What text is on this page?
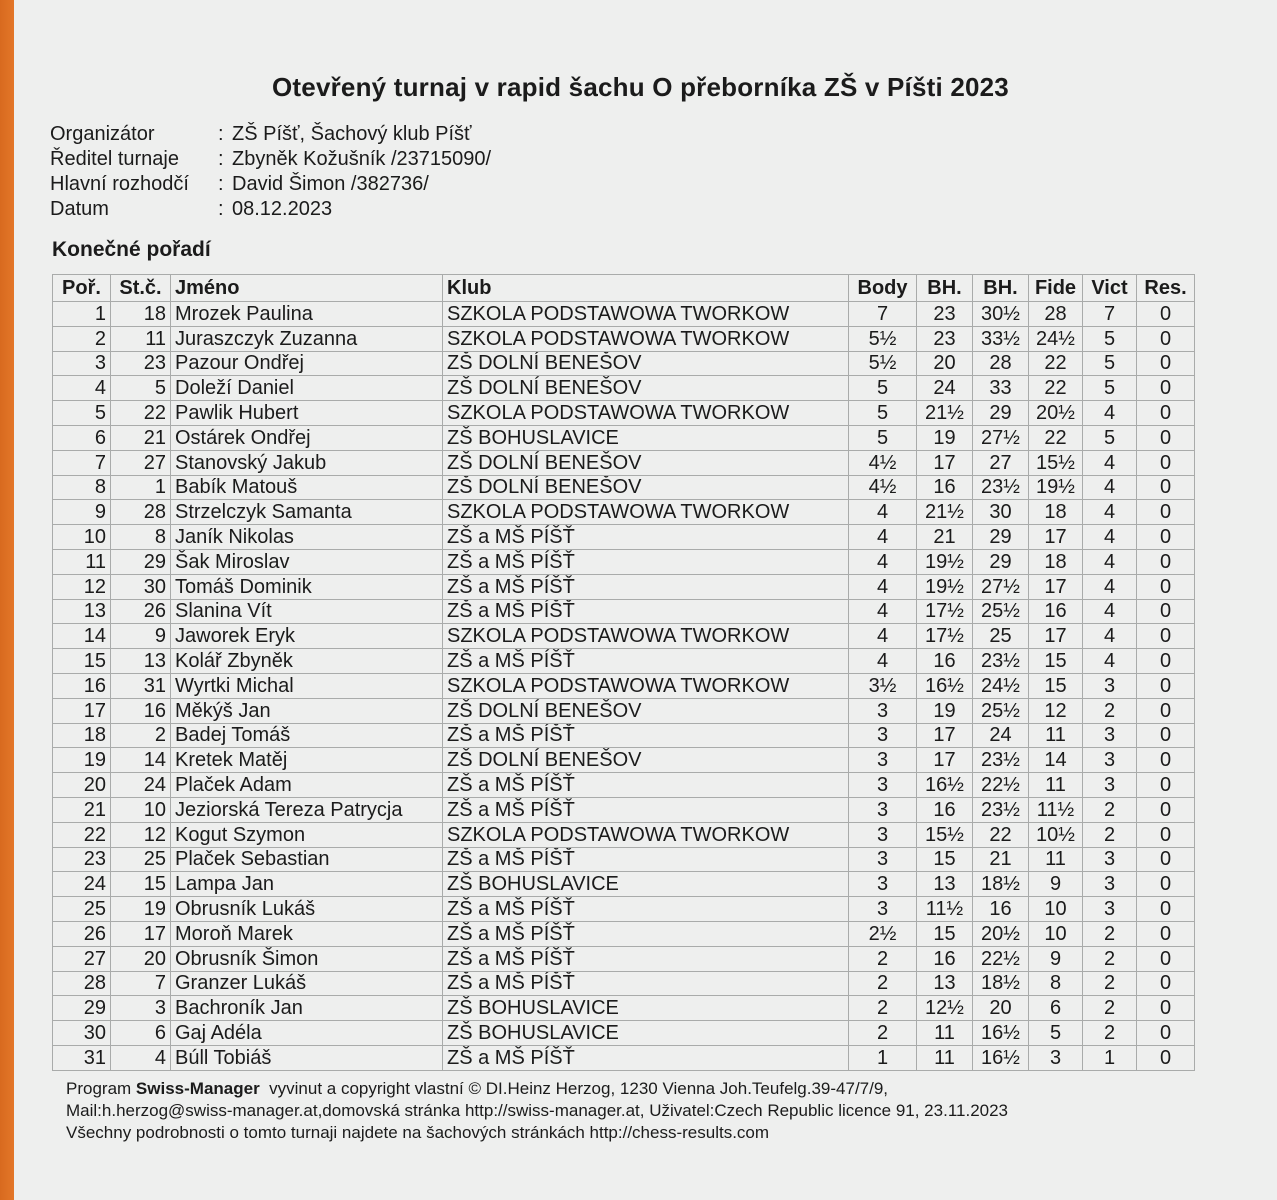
Otevřený turnaj v rapid šachu O přeborníka ZŠ v Píšti 2023
Organizátor	: ZŠ Píšť, Šachový klub Píšť
Ředitel turnaje	: Zbyněk Kožušník /23715090/
Hlavní rozhodčí	: David Šimon /382736/
Datum	: 08.12.2023
Konečné pořadí
Poř.	St.č.	Jméno	Klub	Body	BH.	BH.	Fide	Vict	Res.
1	18	Mrozek Paulina	SZKOLA PODSTAWOWA TWORKOW	7	23	30½	28	7	0
2	11	Juraszczyk Zuzanna	SZKOLA PODSTAWOWA TWORKOW	5½	23	33½	24½	5	0
3	23	Pazour Ondřej	ZŠ DOLNÍ BENEŠOV	5½	20	28	22	5	0
4	5	Doleží Daniel	ZŠ DOLNÍ BENEŠOV	5	24	33	22	5	0
5	22	Pawlik Hubert	SZKOLA PODSTAWOWA TWORKOW	5	21½	29	20½	4	0
6	21	Ostárek Ondřej	ZŠ BOHUSLAVICE	5	19	27½	22	5	0
7	27	Stanovský Jakub	ZŠ DOLNÍ BENEŠOV	4½	17	27	15½	4	0
8	1	Babík Matouš	ZŠ DOLNÍ BENEŠOV	4½	16	23½	19½	4	0
9	28	Strzelczyk Samanta	SZKOLA PODSTAWOWA TWORKOW	4	21½	30	18	4	0
10	8	Janík Nikolas	ZŠ a MŠ PÍŠŤ	4	21	29	17	4	0
11	29	Šak Miroslav	ZŠ a MŠ PÍŠŤ	4	19½	29	18	4	0
12	30	Tomáš Dominik	ZŠ a MŠ PÍŠŤ	4	19½	27½	17	4	0
13	26	Slanina Vít	ZŠ a MŠ PÍŠŤ	4	17½	25½	16	4	0
14	9	Jaworek Eryk	SZKOLA PODSTAWOWA TWORKOW	4	17½	25	17	4	0
15	13	Kolář Zbyněk	ZŠ a MŠ PÍŠŤ	4	16	23½	15	4	0
16	31	Wyrtki Michal	SZKOLA PODSTAWOWA TWORKOW	3½	16½	24½	15	3	0
17	16	Měkýš Jan	ZŠ DOLNÍ BENEŠOV	3	19	25½	12	2	0
18	2	Badej Tomáš	ZŠ a MŠ PÍŠŤ	3	17	24	11	3	0
19	14	Kretek Matěj	ZŠ DOLNÍ BENEŠOV	3	17	23½	14	3	0
20	24	Plaček Adam	ZŠ a MŠ PÍŠŤ	3	16½	22½	11	3	0
21	10	Jeziorská Tereza Patrycja	ZŠ a MŠ PÍŠŤ	3	16	23½	11½	2	0
22	12	Kogut Szymon	SZKOLA PODSTAWOWA TWORKOW	3	15½	22	10½	2	0
23	25	Plaček Sebastian	ZŠ a MŠ PÍŠŤ	3	15	21	11	3	0
24	15	Lampa Jan	ZŠ BOHUSLAVICE	3	13	18½	9	3	0
25	19	Obrusník Lukáš	ZŠ a MŠ PÍŠŤ	3	11½	16	10	3	0
26	17	Moroň Marek	ZŠ a MŠ PÍŠŤ	2½	15	20½	10	2	0
27	20	Obrusník Šimon	ZŠ a MŠ PÍŠŤ	2	16	22½	9	2	0
28	7	Granzer Lukáš	ZŠ a MŠ PÍŠŤ	2	13	18½	8	2	0
29	3	Bachroník Jan	ZŠ BOHUSLAVICE	2	12½	20	6	2	0
30	6	Gaj Adéla	ZŠ BOHUSLAVICE	2	11	16½	5	2	0
31	4	Búll Tobiáš	ZŠ a MŠ PÍŠŤ	1	11	16½	3	1	0
Program Swiss-Manager  vyvinut a copyright vlastní © DI.Heinz Herzog, 1230 Vienna Joh.Teufelg.39-47/7/9,
Mail:h.herzog@swiss-manager.at,domovská stránka http://swiss-manager.at, Uživatel:Czech Republic licence 91, 23.11.2023
Všechny podrobnosti o tomto turnaji najdete na šachových stránkách http://chess-results.com
